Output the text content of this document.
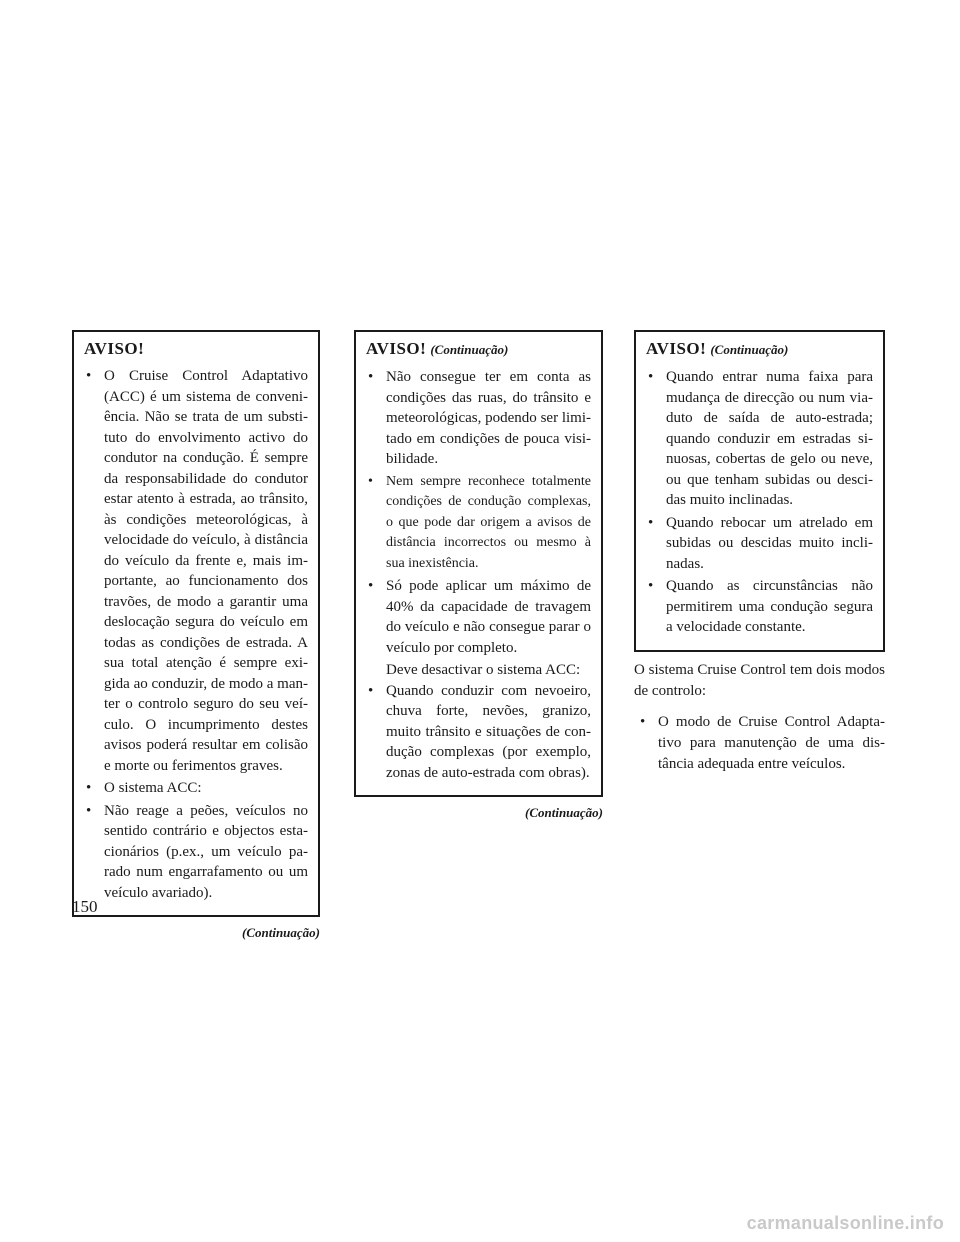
AVISO!
• O Cruise Control Adaptativo (ACC) é um sistema de conveni-ência. Não se trata de um substi-tuto do envolvimento activo do condutor na condução. É sempre da responsabilidade do condutor estar atento à estrada, ao trânsito, às condições meteorológicas, à velocidade do veículo, à distância do veículo da frente e, mais im-portante, ao funcionamento dos travões, de modo a garantir uma deslocação segura do veículo em todas as condições de estrada. A sua total atenção é sempre exi-gida ao conduzir, de modo a man-ter o controlo seguro do seu veí-culo. O incumprimento destes avisos poderá resultar em colisão e morte ou ferimentos graves.
• O sistema ACC:
• Não reage a peões, veículos no sentido contrário e objectos esta-cionários (p.ex., um veículo pa-rado num engarrafamento ou um veículo avariado).
(Continuação)
AVISO! (Continuação)
• Não consegue ter em conta as condições das ruas, do trânsito e meteorológicas, podendo ser limi-tado em condições de pouca visi-bilidade.
• Nem sempre reconhece totalmente condições de condução complexas, o que pode dar origem a avisos de distância incorrectos ou mesmo à sua inexistência.
• Só pode aplicar um máximo de 40% da capacidade de travagem do veículo e não consegue parar o veículo por completo.
Deve desactivar o sistema ACC:
• Quando conduzir com nevoeiro, chuva forte, nevões, granizo, muito trânsito e situações de con-dução complexas (por exemplo, zonas de auto-estrada com obras).
(Continuação)
AVISO! (Continuação)
• Quando entrar numa faixa para mudança de direcção ou num via-duto de saída de auto-estrada; quando conduzir em estradas si-nuosas, cobertas de gelo ou neve, ou que tenham subidas ou desci-das muito inclinadas.
• Quando rebocar um atrelado em subidas ou descidas muito incli-nadas.
• Quando as circunstâncias não permitirem uma condução segura a velocidade constante.

O sistema Cruise Control tem dois modos de controlo:

• O modo de Cruise Control Adapta-tivo para manutenção de uma dis-tância adequada entre veículos.
150
carmanualsonline.info
